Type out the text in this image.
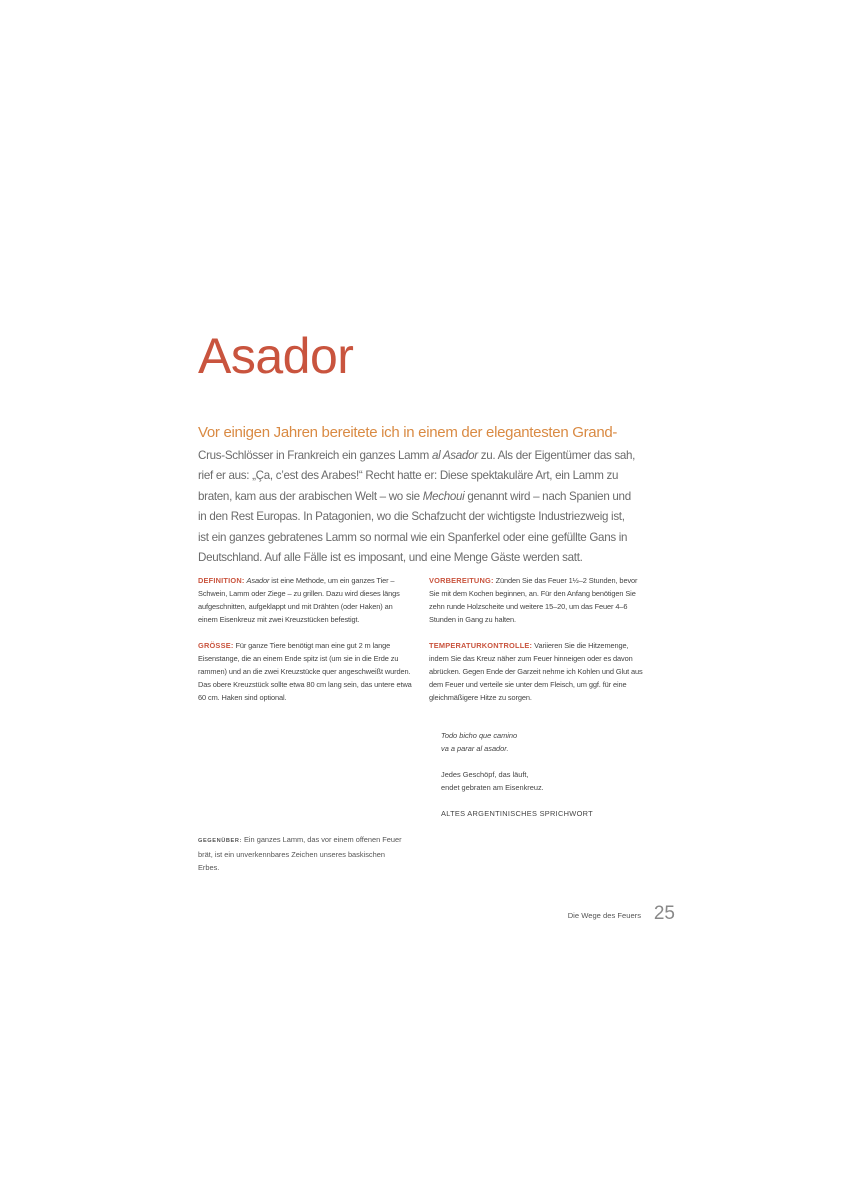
Asador
Vor einigen Jahren bereitete ich in einem der elegantesten Grand-
Crus-Schlösser in Frankreich ein ganzes Lamm al Asador zu. Als der Eigentümer das sah, rief er aus: „Ça, c’est des Arabes!“ Recht hatte er: Diese spektakuläre Art, ein Lamm zu braten, kam aus der arabischen Welt – wo sie Mechoui genannt wird – nach Spanien und in den Rest Europas. In Patagonien, wo die Schafzucht der wichtigste Industriezweig ist, ist ein ganzes gebratenes Lamm so normal wie ein Spanferkel oder eine gefüllte Gans in Deutschland. Auf alle Fälle ist es imposant, und eine Menge Gäste werden satt.

DEFINITION: Asador ist eine Methode, um ein ganzes Tier – Schwein, Lamm oder Ziege – zu grillen. Dazu wird dieses längs aufgeschnitten, aufgeklappt und mit Drähten (oder Haken) an einem Eisenkreuz mit zwei Kreuzstücken befestigt.

GRÖSSE: Für ganze Tiere benötigt man eine gut 2 m lange Eisenstange, die an einem Ende spitz ist (um sie in die Erde zu rammen) und an die zwei Kreuzstücke quer angeschweißt wurden. Das obere Kreuzstück sollte etwa 80 cm lang sein, das untere etwa 60 cm. Haken sind optional.

VORBEREITUNG: Zünden Sie das Feuer 1½–2 Stunden, bevor Sie mit dem Kochen beginnen, an. Für den Anfang benötigen Sie zehn runde Holzscheite und weitere 15–20, um das Feuer 4–6 Stunden in Gang zu halten.

TEMPERATURKONTROLLE: Variieren Sie die Hitzemenge, indem Sie das Kreuz näher zum Feuer hinneigen oder es davon abrücken. Gegen Ende der Garzeit nehme ich Kohlen und Glut aus dem Feuer und verteile sie unter dem Fleisch, um ggf. für eine gleichmäßigere Hitze zu sorgen.

Todo bicho que camino
va a parar al asador.

Jedes Geschöpf, das läuft,
endet gebraten am Eisenkreuz.

ALTES ARGENTINISCHES SPRICHWORT

GEGENÜBER: Ein ganzes Lamm, das vor einem offenen Feuer brät, ist ein unverkennbares Zeichen unseres baskischen Erbes.
Die Wege des Feuers 25
